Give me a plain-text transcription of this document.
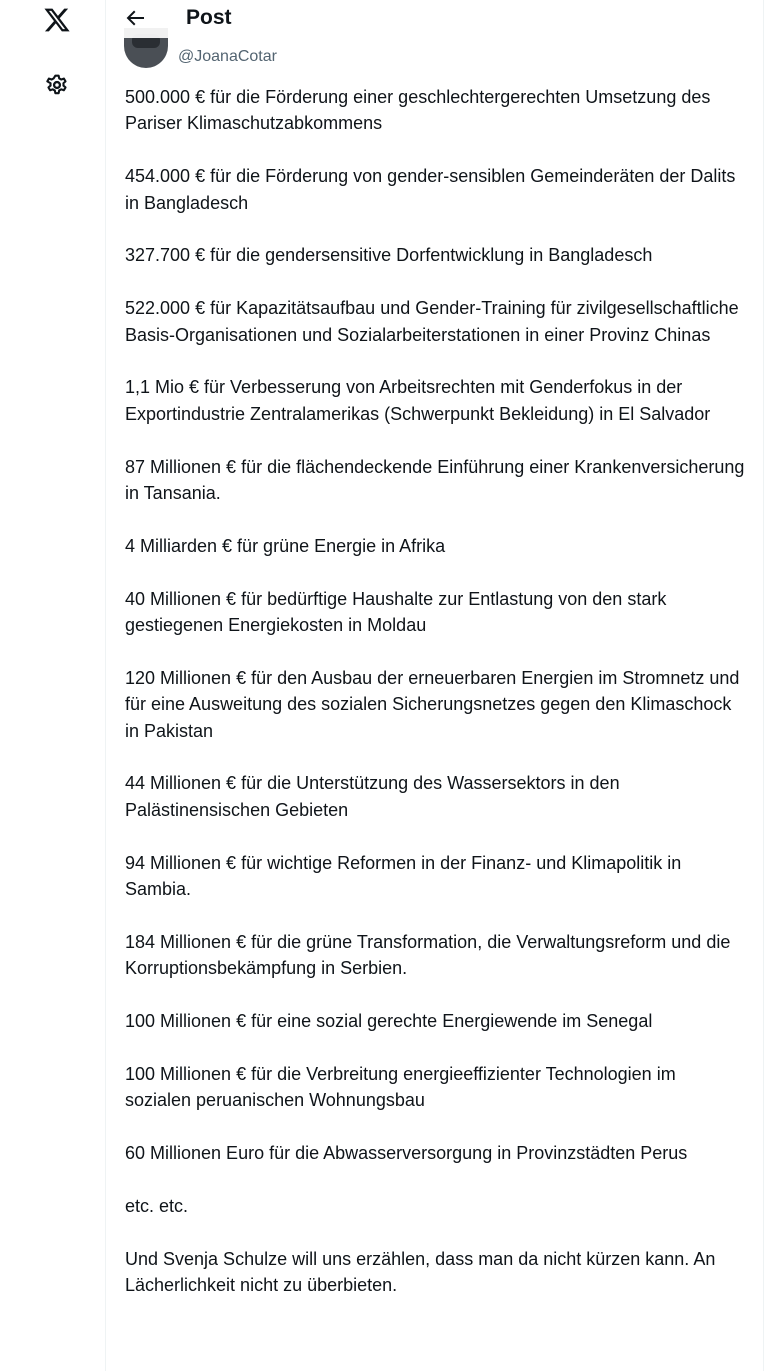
@JoanaCotar
Post

500.000 € für die Förderung einer geschlechtergerechten Umsetzung des Pariser Klimaschutzabkommens

454.000 € für die Förderung von gender-sensiblen Gemeinderäten der Dalits in Bangladesch

327.700 € für die gendersensitive Dorfentwicklung in Bangladesch

522.000 € für Kapazitätsaufbau und Gender-Training für zivilgesellschaftliche Basis-Organisationen und Sozialarbeiterstationen in einer Provinz Chinas

1,1 Mio € für Verbesserung von Arbeitsrechten mit Genderfokus in der Exportindustrie Zentralamerikas (Schwerpunkt Bekleidung) in El Salvador

87 Millionen € für die flächendeckende Einführung einer Krankenversicherung in Tansania.

4 Milliarden € für grüne Energie in Afrika

40 Millionen € für bedürftige Haushalte zur Entlastung von den stark gestiegenen Energiekosten in Moldau

120 Millionen € für den Ausbau der erneuerbaren Energien im Stromnetz und für eine Ausweitung des sozialen Sicherungsnetzes gegen den Klimaschock in Pakistan

44 Millionen € für die Unterstützung des Wassersektors in den Palästinensischen Gebieten

94 Millionen € für wichtige Reformen in der Finanz- und Klimapolitik in Sambia.

184 Millionen € für die grüne Transformation, die Verwaltungsreform und die Korruptionsbekämpfung in Serbien.

100 Millionen € für eine sozial gerechte Energiewende im Senegal

100 Millionen € für die Verbreitung energieeffizienter Technologien im sozialen peruanischen Wohnungsbau

60 Millionen Euro für die Abwasserversorgung in Provinzstädten Perus

etc. etc.

Und Svenja Schulze will uns erzählen, dass man da nicht kürzen kann. An Lächerlichkeit nicht zu überbieten.
